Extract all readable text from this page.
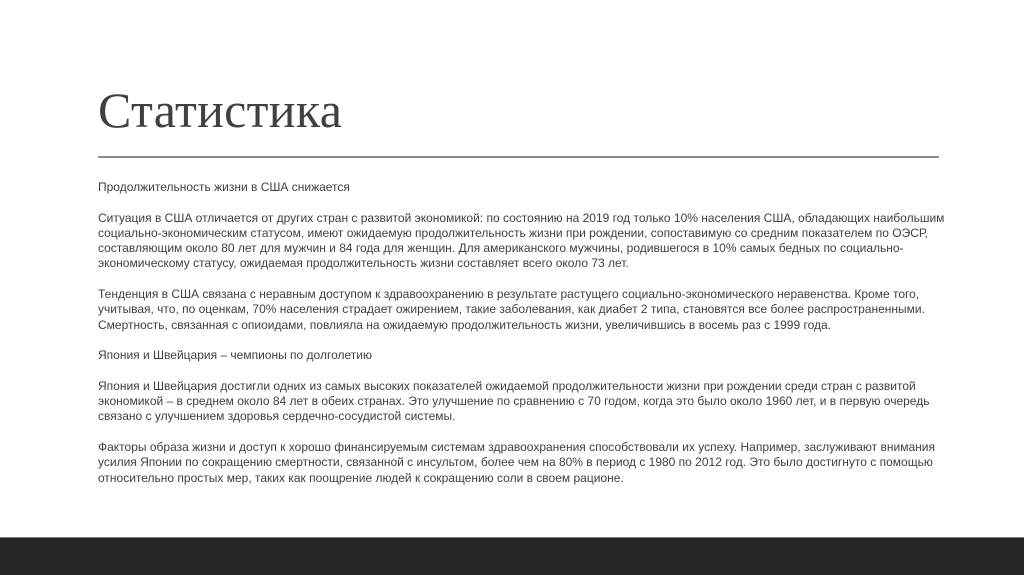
Статистика

Продолжительность жизни в США снижается

Ситуация в США отличается от других стран с развитой экономикой: по состоянию на 2019 год только 10% населения США, обладающих наибольшим социально-экономическим статусом, имеют ожидаемую продолжительность жизни при рождении, сопоставимую со средним показателем по ОЭСР, составляющим около 80 лет для мужчин и 84 года для женщин. Для американского мужчины, родившегося в 10% самых бедных по социально-экономическому статусу, ожидаемая продолжительность жизни составляет всего около 73 лет.

Тенденция в США связана с неравным доступом к здравоохранению в результате растущего социально-экономического неравенства. Кроме того, учитывая, что, по оценкам, 70% населения страдает ожирением, такие заболевания, как диабет 2 типа, становятся все более распространенными. Смертность, связанная с опиоидами, повлияла на ожидаемую продолжительность жизни, увеличившись в восемь раз с 1999 года.

Япония и Швейцария – чемпионы по долголетию

Япония и Швейцария достигли одних из самых высоких показателей ожидаемой продолжительности жизни при рождении среди стран с развитой экономикой – в среднем около 84 лет в обеих странах. Это улучшение по сравнению с 70 годом, когда это было около 1960 лет, и в первую очередь связано с улучшением здоровья сердечно-сосудистой системы.

Факторы образа жизни и доступ к хорошо финансируемым системам здравоохранения способствовали их успеху. Например, заслуживают внимания усилия Японии по сокращению смертности, связанной с инсультом, более чем на 80% в период с 1980 по 2012 год. Это было достигнуто с помощью относительно простых мер, таких как поощрение людей к сокращению соли в своем рационе.
